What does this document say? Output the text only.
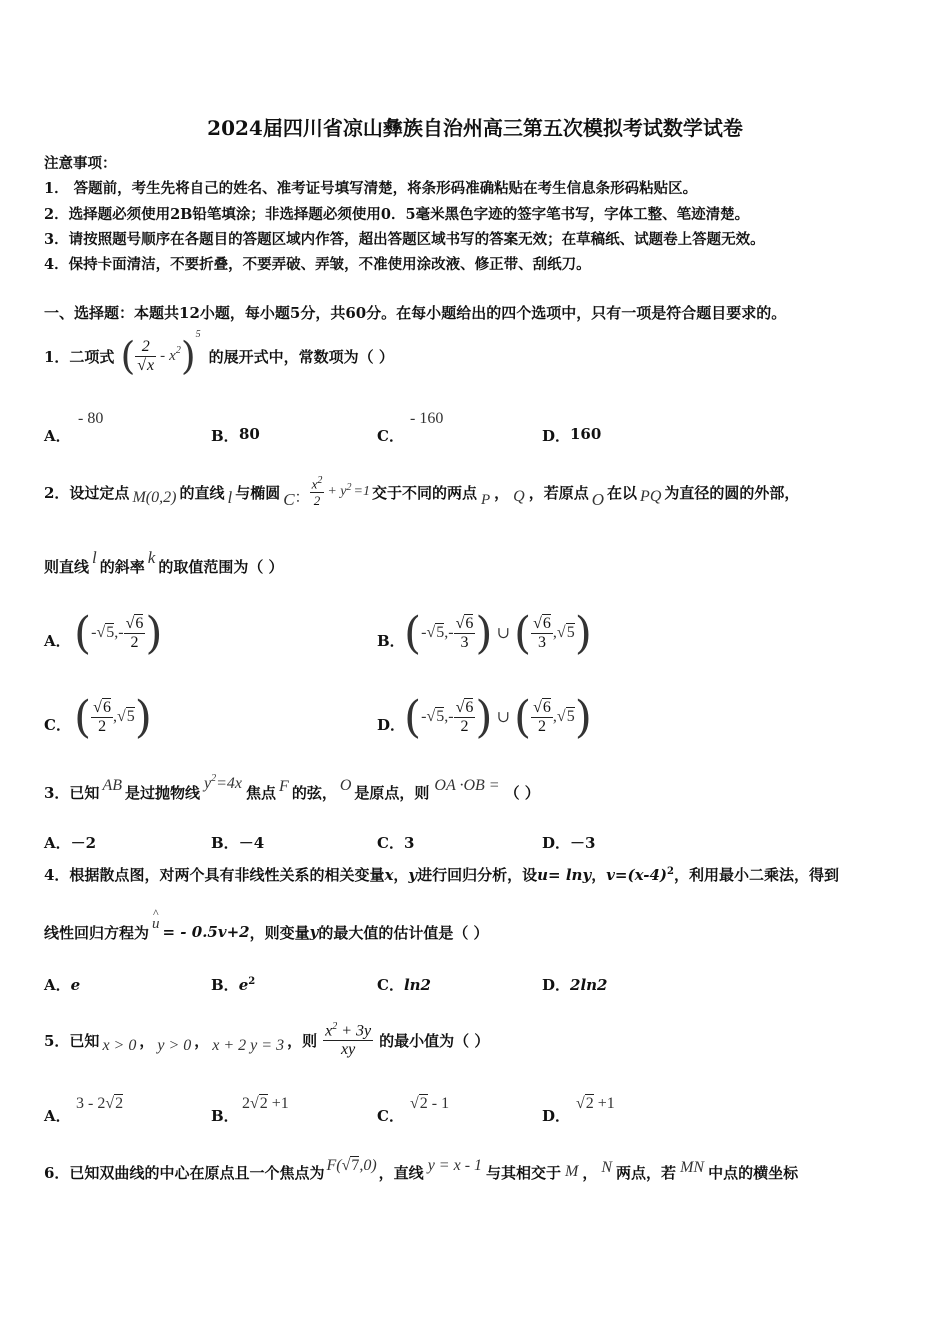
2024届四川省凉山彝族自治州高三第五次模拟考试数学试卷
注意事项：
1． 答题前，考生先将自己的姓名、准考证号填写清楚，将条形码准确粘贴在考生信息条形码粘贴区。
2．选择题必须使用2B铅笔填涂；非选择题必须使用0．5毫米黑色字迹的签字笔书写，字体工整、笔迹清楚。
3．请按照题号顺序在各题目的答题区域内作答，超出答题区域书写的答案无效；在草稿纸、试题卷上答题无效。
4．保持卡面清洁，不要折叠，不要弄破、弄皱，不准使用涂改液、修正带、刮纸刀。
一、选择题：本题共12小题，每小题5分，共60分。在每小题给出的四个选项中，只有一项是符合题目要求的。
1．二项式 ( $\frac{2}{√x} - x^2$ )$^5$
的展开式中，常数项为（ ）
A．
- 80
B． 80	C．
- 160
D． 160
2．设过定点 M(0,2) 的直线 l 与椭圆 C ： $\frac{x^2}{2} + y^2 =1$ 交于不同的两点 P ， Q ，若原点 O 在以 PQ 为直径的圆的外部，
则直线 l 的斜率 k 的取值范围为（ ）
A． ( - √5 ,- $\frac{√6}{2}$ )	B． ( - √5 ,- $\frac{√6}{3}$ ) ∪ ( $\frac{√6}{3}$ , √5 )
C． ( $\frac{√6}{2}$ , √5 )	D．
( - √5 ,- $\frac{√6}{2}$ ) ∪ ( $\frac{√6}{2}$ , √5 )
3．已知 AB 是过抛物线 $y^2 =4x$ 焦点 F 的弦， O 是原点，则 OA ·OB = （ ）
A．－2	B．－4	C．3	D．－3
4．根据散点图，对两个具有非线性关系的相关变量x，y进行回归分析，设u= lny，$v=(x-4)^2$，利用最小二乘法，得到
线性回归方程为
^
u = - 0.5v+2 ，则变量 y 的最大值的估计值是（ ）
A．e	B．$e^2$	C．ln2	D．2ln2
5．已知 x > 0 ， y > 0 ， x + 2 y = 3 ，则 $\frac{x^2 + 3y}{xy}$ 的最小值为（ ）
A．
3 - 2√2
B．
2√2 +1
C．
√2 - 1
D．
√2 +1
6．已知双曲线的中心在原点且一个焦点为 F(√7,0) ，直线 y = x - 1 与其相交于 M ， N 两点，若 MN 中点的横坐标
